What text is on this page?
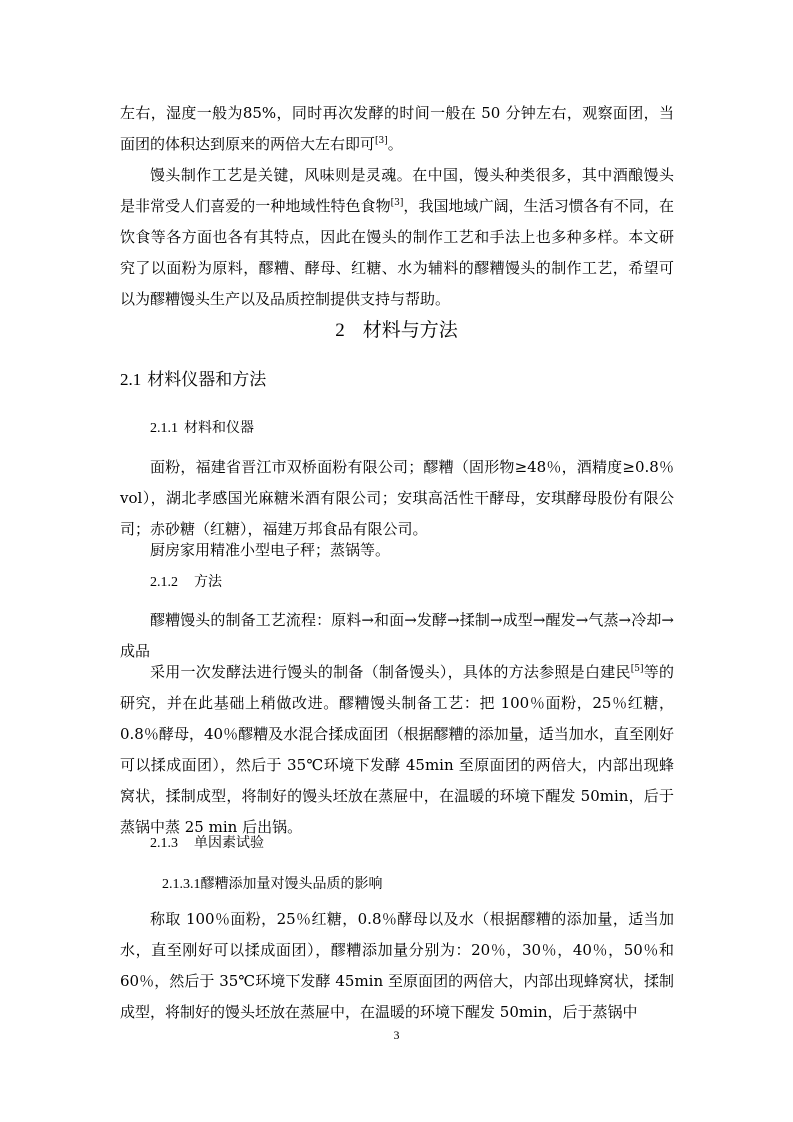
左右，湿度一般为85%，同时再次发酵的时间一般在 50 分钟左右，观察面团，当面团的体积达到原来的两倍大左右即可[3]。

馒头制作工艺是关键，风味则是灵魂。在中国，馒头种类很多，其中酒酿馒头是非常受人们喜爱的一种地域性特色食物[3]，我国地域广阔，生活习惯各有不同，在饮食等各方面也各有其特点，因此在馒头的制作工艺和手法上也多种多样。本文研究了以面粉为原料，醪糟、酵母、红糖、水为辅料的醪糟馒头的制作工艺，希望可以为醪糟馒头生产以及品质控制提供支持与帮助。

2 材料与方法
2.1 材料仪器和方法
2.1.1 材料和仪器

面粉，福建省晋江市双桥面粉有限公司；醪糟（固形物≥48％，酒精度≥0.8％ vol），湖北孝感国光麻糖米酒有限公司；安琪高活性干酵母，安琪酵母股份有限公司；赤砂糖（红糖），福建万邦食品有限公司。

厨房家用精准小型电子秤；蒸锅等。

2.1.2 方法

醪糟馒头的制备工艺流程：原料→和面→发酵→揉制→成型→醒发→气蒸→冷却→成品

采用一次发酵法进行馒头的制备（制备馒头），具体的方法参照是白建民[5]等的研究，并在此基础上稍做改进。醪糟馒头制备工艺：把 100％面粉，25％红糖，0.8％酵母，40％醪糟及水混合揉成面团（根据醪糟的添加量，适当加水，直至刚好可以揉成面团），然后于 35℃环境下发酵 45min 至原面团的两倍大，内部出现蜂窝状，揉制成型，将制好的馒头坯放在蒸屉中，在温暖的环境下醒发 50min，后于蒸锅中蒸 25 min 后出锅。

2.1.3 单因素试验
2.1.3.1醪糟添加量对馒头品质的影响

称取 100％面粉，25％红糖，0.8％酵母以及水（根据醪糟的添加量，适当加水，直至刚好可以揉成面团），醪糟添加量分别为：20％，30％，40％，50％和 60％，然后于 35℃环境下发酵 45min 至原面团的两倍大，内部出现蜂窝状，揉制成型，将制好的馒头坯放在蒸屉中，在温暖的环境下醒发 50min，后于蒸锅中

3
